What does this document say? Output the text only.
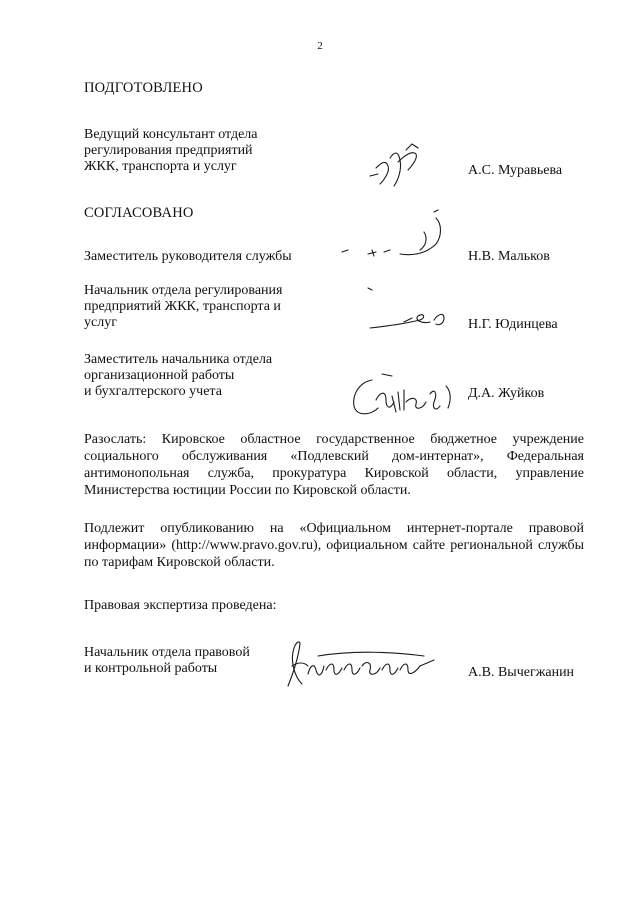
2
ПОДГОТОВЛЕНО
Ведущий консультант отдела
регулирования предприятий
ЖКК, транспорта и услуг	А.С. Муравьева
СОГЛАСОВАНО
Заместитель руководителя службы	Н.В. Мальков
Начальник отдела регулирования
предприятий ЖКК, транспорта и
услуг	Н.Г. Юдинцева
Заместитель начальника отдела
организационной работы
и бухгалтерского учета	Д.А. Жуйков
Разослать: Кировское областное государственное бюджетное учреждение социального обслуживания «Подлевский дом-интернат», Федеральная антимонопольная служба, прокуратура Кировской области, управление Министерства юстиции России по Кировской области.
Подлежит опубликованию на «Официальном интернет-портале правовой информации» (http://www.pravo.gov.ru), официальном сайте региональной службы по тарифам Кировской области.
Правовая экспертиза проведена:
Начальник отдела правовой
и контрольной работы	А.В. Вычегжанин
